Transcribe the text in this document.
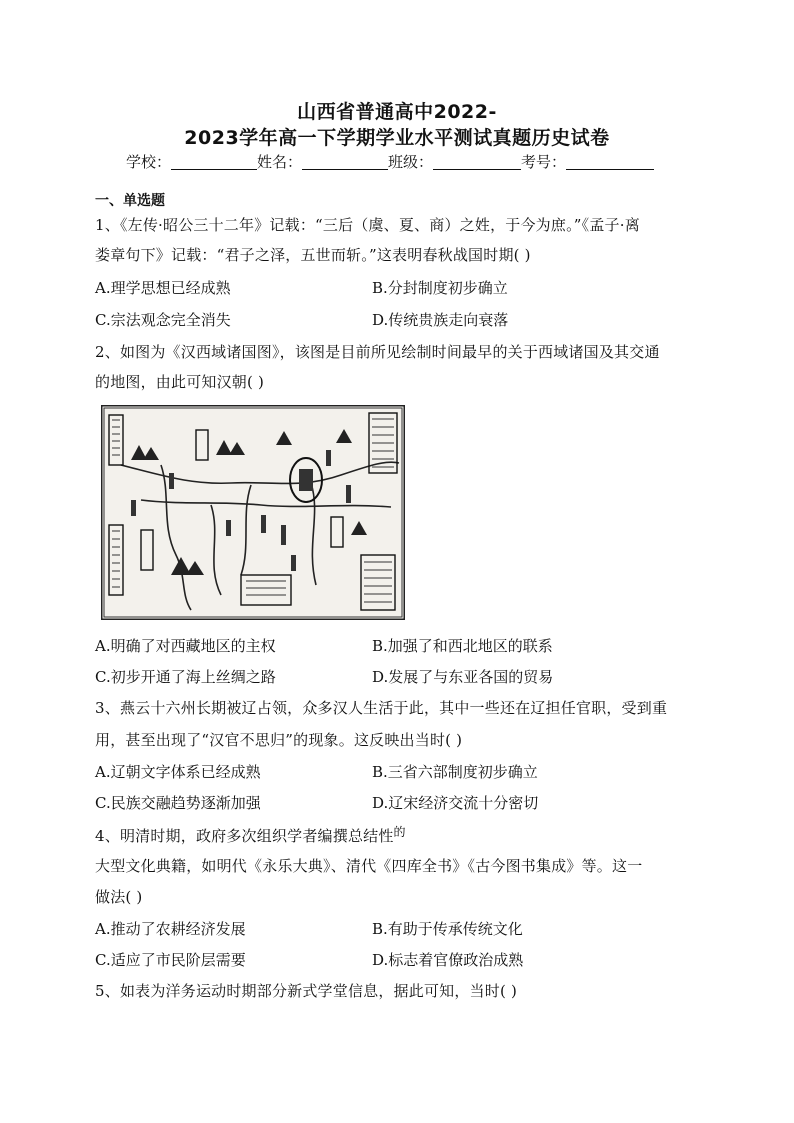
山西省普通高中2022-
2023学年高一下学期学业水平测试真题历史试卷
学校：	姓名：	班级：	考号：
一、单选题
1、《左传·昭公三十二年》记载：“三后（虞、夏、商）之姓，于今为庶。”《孟子·离
娄章句下》记载：“君子之泽，五世而斩。”这表明春秋战国时期( )
A.理学思想已经成熟	B.分封制度初步确立
C.宗法观念完全消失	D.传统贵族走向衰落
2、如图为《汉西域诸国图》，该图是目前所见绘制时间最早的关于西域诸国及其交通
的地图，由此可知汉朝( )
A.明确了对西藏地区的主权	B.加强了和西北地区的联系
C.初步开通了海上丝绸之路	D.发展了与东亚各国的贸易
3、燕云十六州长期被辽占领，众多汉人生活于此，其中一些还在辽担任官职，受到重
用，甚至出现了“汉官不思归”的现象。这反映出当时( )
A.辽朝文字体系已经成熟	B.三省六部制度初步确立
C.民族交融趋势逐渐加强	D.辽宋经济交流十分密切
4、明清时期，政府多次组织学者编撰总结性$^的$
大型文化典籍，如明代《永乐大典》、清代《四库全书》《古今图书集成》等。这一
做法( )
A.推动了农耕经济发展	B.有助于传承传统文化
C.适应了市民阶层需要	D.标志着官僚政治成熟
5、如表为洋务运动时期部分新式学堂信息，据此可知，当时( )
